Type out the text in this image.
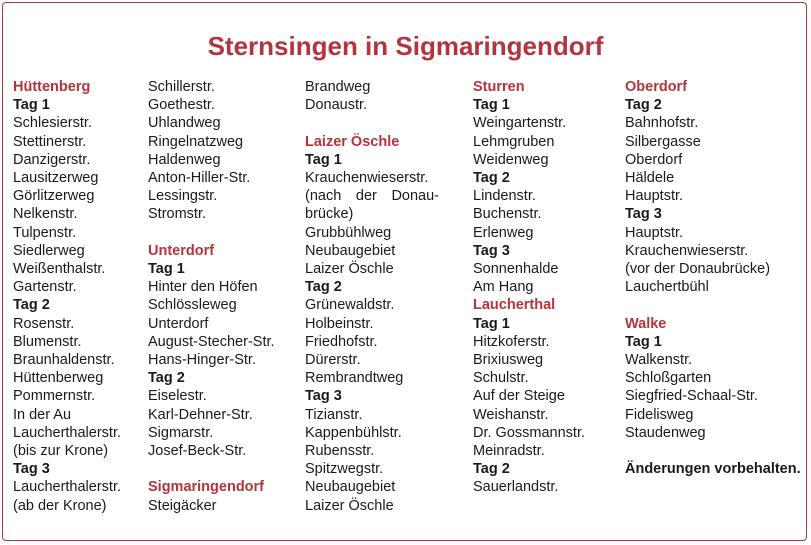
Sternsingen in Sigmaringendorf
Hüttenberg
Tag 1
Schlesierstr.
Stettinerstr.
Danzigerstr.
Lausitzerweg
Görlitzerweg
Nelkenstr.
Tulpenstr.
Siedlerweg
Weißenthalstr.
Gartenstr.
Tag 2
Rosenstr.
Blumenstr.
Braunhaldenstr.
Hüttenberweg
Pommernstr.
In der Au
Laucherthalerstr.
(bis zur Krone)
Tag 3
Laucherthalerstr.
(ab der Krone)
Schillerstr.
Goethestr.
Uhlandweg
Ringelnatzweg
Haldenweg
Anton-Hiller-Str.
Lessingstr.
Stromstr.
Unterdorf
Tag 1
Hinter den Höfen
Schlössleweg
Unterdorf
August-Stecher-Str.
Hans-Hinger-Str.
Tag 2
Eiselestr.
Karl-Dehner-Str.
Sigmarstr.
Josef-Beck-Str.
Sigmaringendorf
Steigäcker
Brandweg
Donaustr.
Laizer Öschle
Tag 1
Krauchenwieserstr.
(nach der Donau-
brücke)
Grubbühlweg
Neubaugebiet
Laizer Öschle
Tag 2
Grünewaldstr.
Holbeinstr.
Friedhofstr.
Dürerstr.
Rembrandtweg
Tag 3
Tizianstr.
Kappenbühlstr.
Rubensstr.
Spitzwegstr.
Neubaugebiet
Laizer Öschle
Sturren
Tag 1
Weingartenstr.
Lehmgruben
Weidenweg
Tag 2
Lindenstr.
Buchenstr.
Erlenweg
Tag 3
Sonnenhalde
Am Hang
Laucherthal
Tag 1
Hitzkoferstr.
Brixiusweg
Schulstr.
Auf der Steige
Weishanstr.
Dr. Gossmannstr.
Meinradstr.
Tag 2
Sauerlandstr.
Oberdorf
Tag 2
Bahnhofstr.
Silbergasse
Oberdorf
Häldele
Hauptstr.
Tag 3
Hauptstr.
Krauchenwieserstr.
(vor der Donaubrücke)
Lauchertbühl
Walke
Tag 1
Walkenstr.
Schloßgarten
Siegfried-Schaal-Str.
Fidelisweg
Staudenweg
Änderungen vorbehalten.
